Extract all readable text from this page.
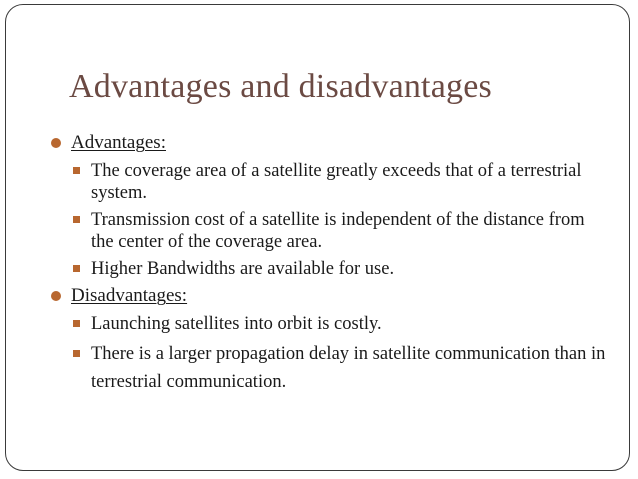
Advantages and disadvantages
Advantages:
The coverage area of a satellite greatly exceeds that of a terrestrial system.
Transmission cost of a satellite is independent of the distance from the center of the coverage area.
Higher Bandwidths are available for use.
Disadvantages:
Launching satellites into orbit is costly.
There is a larger propagation delay in satellite communication than in terrestrial communication.
